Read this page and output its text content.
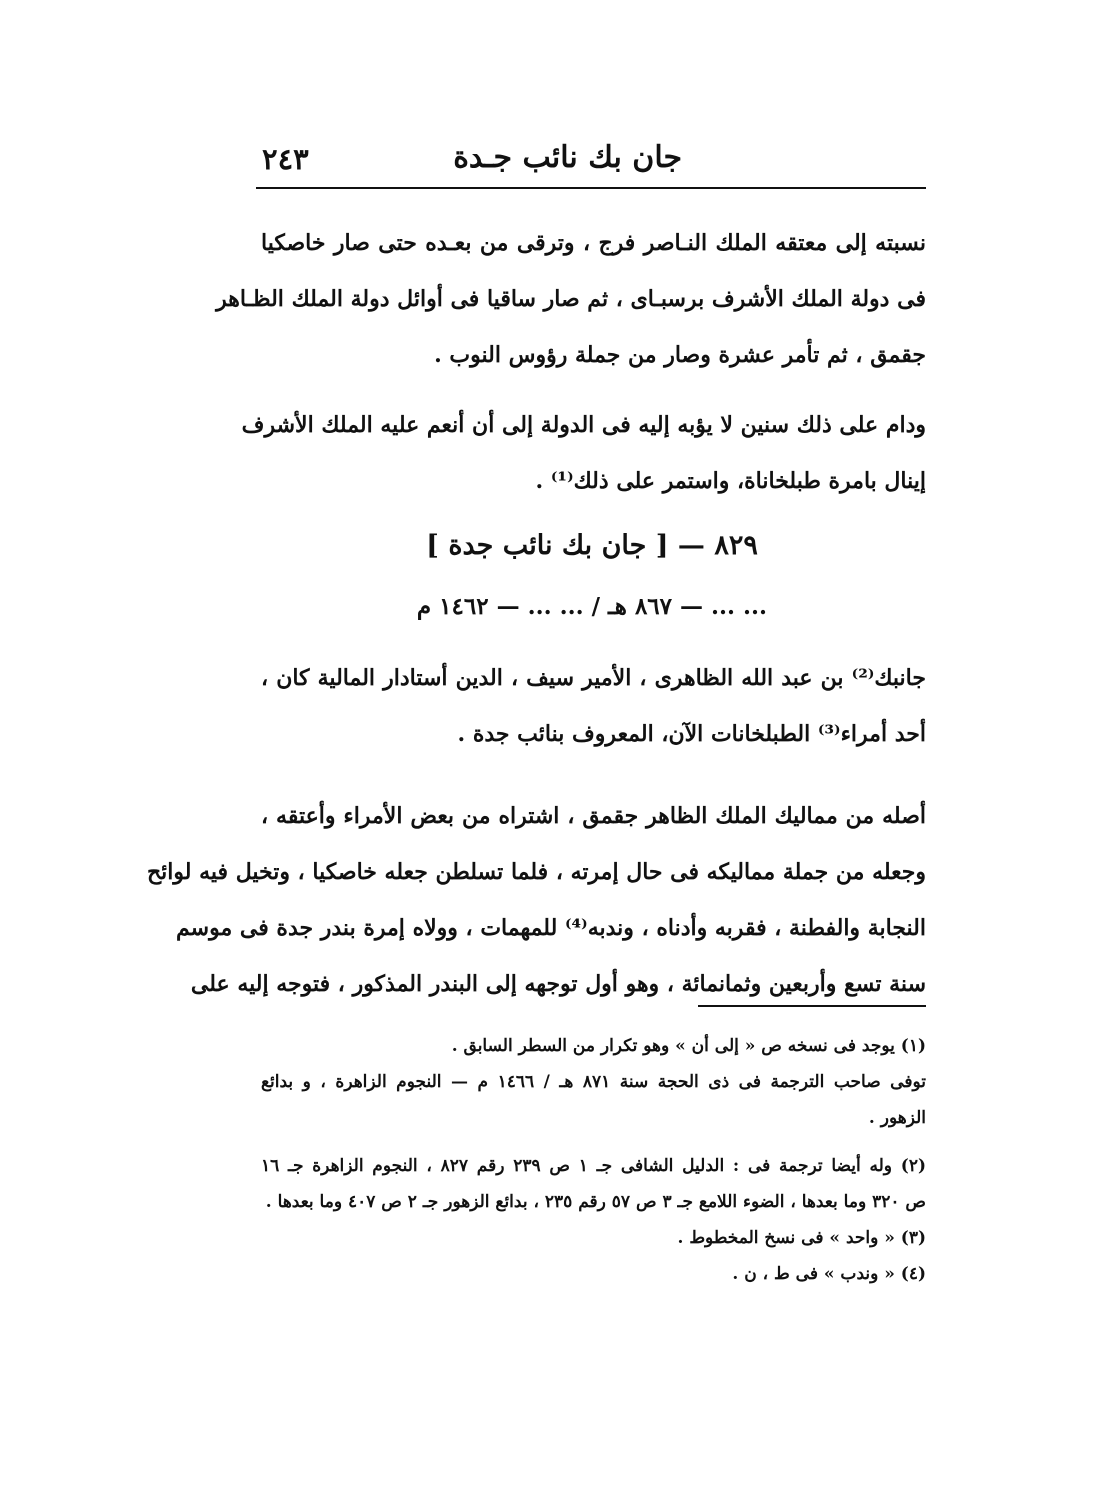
٢٤٣	جان بك نائب جـدة
نسبته إلى معتقه الملك النـاصر فرج ، وترقى من بعـده حتى صار خاصكيا
فى دولة الملك الأشرف برسبـاى ، ثم صار ساقيا فى أوائل دولة الملك الظـاهر
جقمق ، ثم تأمر عشرة وصار من جملة رؤوس النوب .
ودام على ذلك سنين لا يؤبه إليه فى الدولة إلى أن أنعم عليه الملك الأشرف
إينال بامرة طبلخاناة، واستمر على ذلك⁽¹⁾ .
٨٢٩ — [ جان بك نائب جدة ]
... ... — ٨٦٧ هـ / ... ... — ١٤٦٢ م
جانبك⁽²⁾ بن عبد الله الظاهرى ، الأمير سيف ، الدين أستادار المالية كان ،
أحد أمراء⁽³⁾ الطبلخانات الآن، المعروف بنائب جدة .
أصله من مماليك الملك الظاهر جقمق ، اشتراه من بعض الأمراء وأعتقه ،
وجعله من جملة مماليكه فى حال إمرته ، فلما تسلطن جعله خاصكيا ، وتخيل فيه لوائح
النجابة والفطنة ، فقربه وأدناه ، وندبه⁽⁴⁾ للمهمات ، وولاه إمرة بندر جدة فى موسم
سنة تسع وأربعين وثمانمائة ، وهو أول توجهه إلى البندر المذكور ، فتوجه إليه على
(١) يوجد فى نسخه ص « إلى أن » وهو تكرار من السطر السابق .
توفى صاحب الترجمة فى ذى الحجة سنة ٨٧١ هـ / ١٤٦٦ م — النجوم الزاهرة ، و بدائع
الزهور .
(٢) وله أيضا ترجمة فى : الدليل الشافى جـ ١ ص ٢٣٩ رقم ٨٢٧ ، النجوم الزاهرة جـ ١٦
ص ٣٢٠ وما بعدها ، الضوء اللامع جـ ٣ ص ٥٧ رقم ٢٣٥ ، بدائع الزهور جـ ٢ ص ٤٠٧ وما بعدها .
(٣) « واحد » فى نسخ المخطوط .
(٤) « وندب » فى ط ، ن .
